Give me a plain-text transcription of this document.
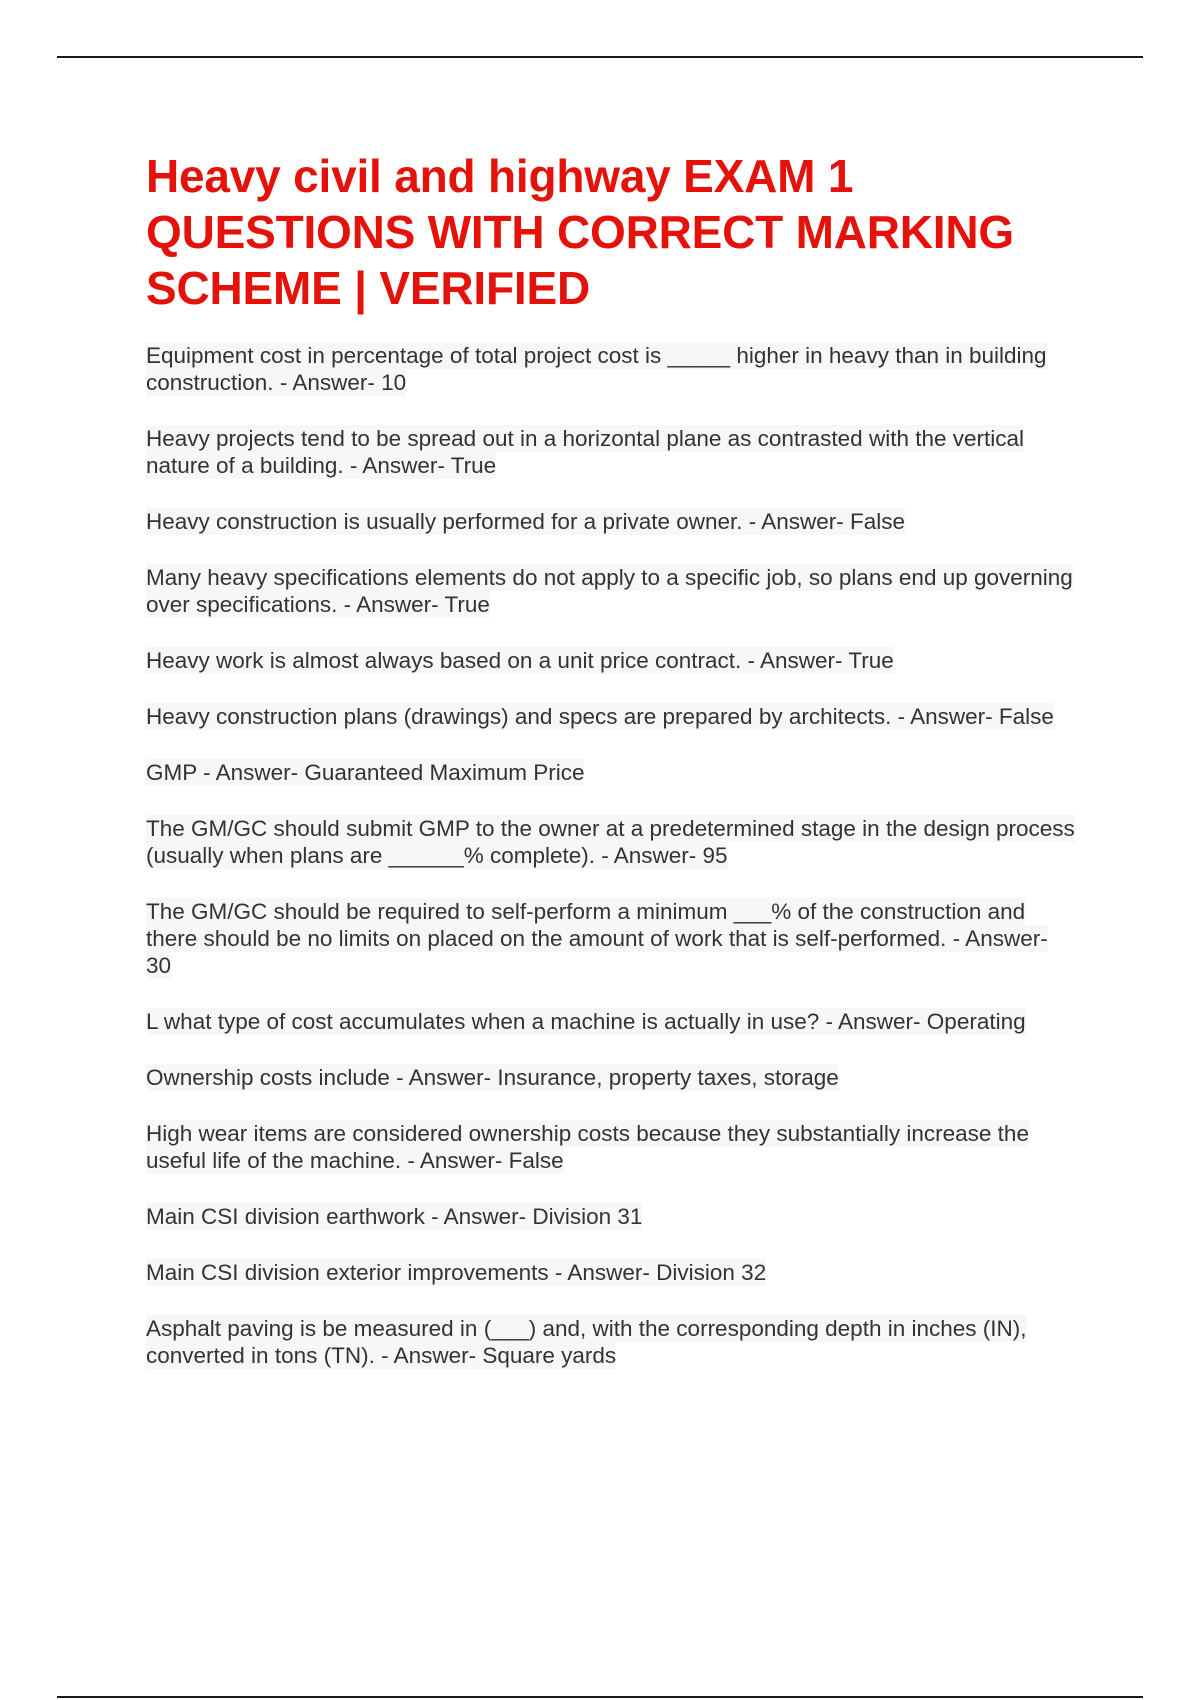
Heavy civil and highway EXAM 1 QUESTIONS WITH CORRECT MARKING SCHEME | VERIFIED
Equipment cost in percentage of total project cost is _____ higher in heavy than in building construction. - Answer- 10
Heavy projects tend to be spread out in a horizontal plane as contrasted with the vertical nature of a building. - Answer- True
Heavy construction is usually performed for a private owner. - Answer- False
Many heavy specifications elements do not apply to a specific job, so plans end up governing over specifications. - Answer- True
Heavy work is almost always based on a unit price contract. - Answer- True
Heavy construction plans (drawings) and specs are prepared by architects. - Answer- False
GMP - Answer- Guaranteed Maximum Price
The GM/GC should submit GMP to the owner at a predetermined stage in the design process (usually when plans are ______% complete). - Answer- 95
The GM/GC should be required to self-perform a minimum ___% of the construction and there should be no limits on placed on the amount of work that is self-performed. - Answer- 30
L what type of cost accumulates when a machine is actually in use? - Answer- Operating
Ownership costs include - Answer- Insurance, property taxes, storage
High wear items are considered ownership costs because they substantially increase the useful life of the machine. - Answer- False
Main CSI division earthwork - Answer- Division 31
Main CSI division exterior improvements - Answer- Division 32
Asphalt paving is be measured in (___) and, with the corresponding depth in inches (IN), converted in tons (TN). - Answer- Square yards
